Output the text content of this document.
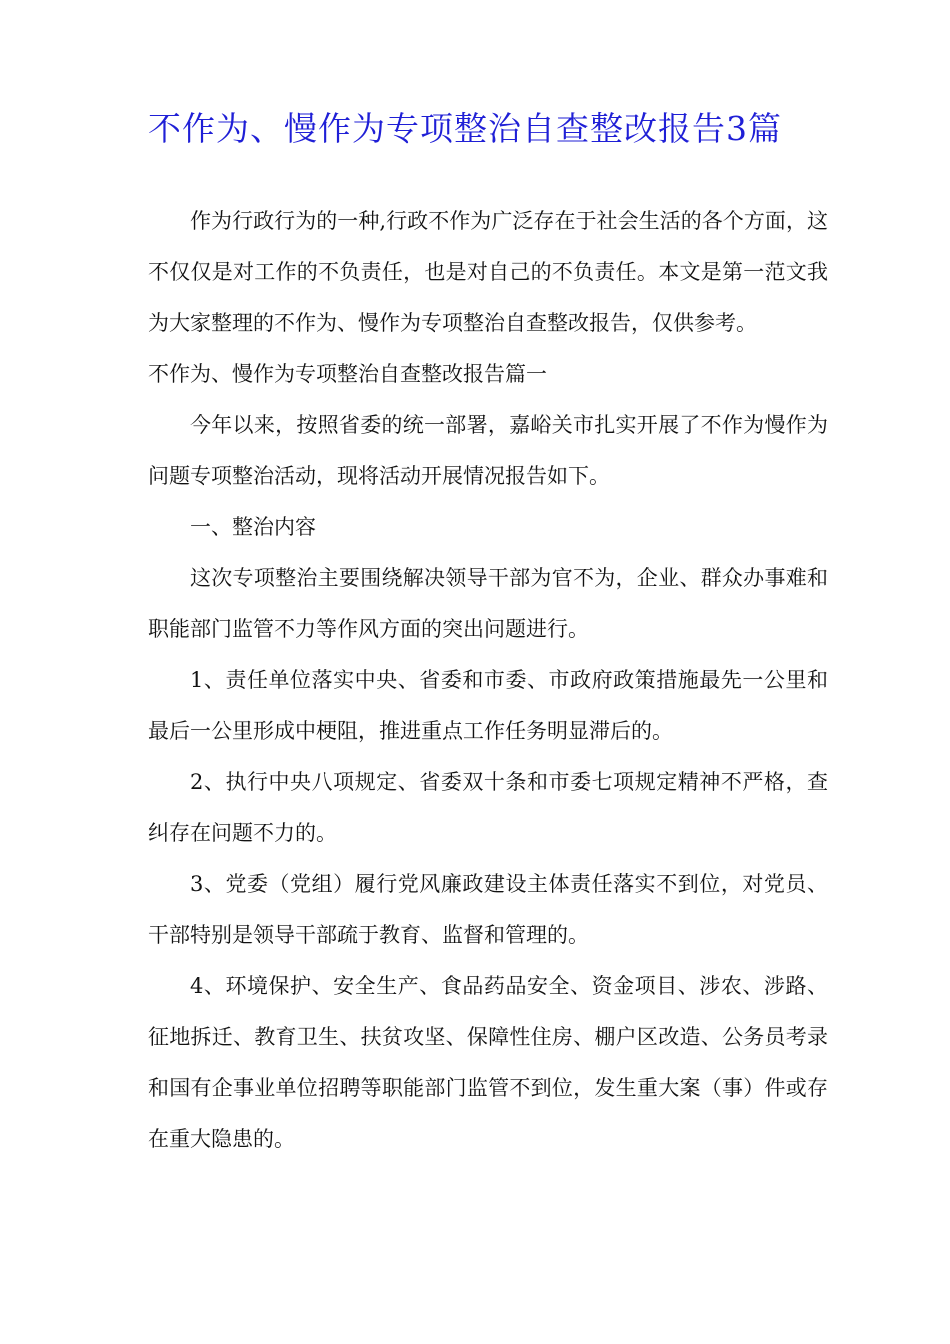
不作为、慢作为专项整治自查整改报告3篇

作为行政行为的一种,行政不作为广泛存在于社会生活的各个方面，这不仅仅是对工作的不负责任，也是对自己的不负责任。本文是第一范文我为大家整理的不作为、慢作为专项整治自查整改报告，仅供参考。

不作为、慢作为专项整治自查整改报告篇一

今年以来，按照省委的统一部署，嘉峪关市扎实开展了不作为慢作为问题专项整治活动，现将活动开展情况报告如下。

一、整治内容

这次专项整治主要围绕解决领导干部为官不为，企业、群众办事难和职能部门监管不力等作风方面的突出问题进行。

1、责任单位落实中央、省委和市委、市政府政策措施最先一公里和最后一公里形成中梗阻，推进重点工作任务明显滞后的。

2、执行中央八项规定、省委双十条和市委七项规定精神不严格，查纠存在问题不力的。

3、党委（党组）履行党风廉政建设主体责任落实不到位，对党员、干部特别是领导干部疏于教育、监督和管理的。

4、环境保护、安全生产、食品药品安全、资金项目、涉农、涉路、征地拆迁、教育卫生、扶贫攻坚、保障性住房、棚户区改造、公务员考录和国有企事业单位招聘等职能部门监管不到位，发生重大案（事）件或存在重大隐患的。
